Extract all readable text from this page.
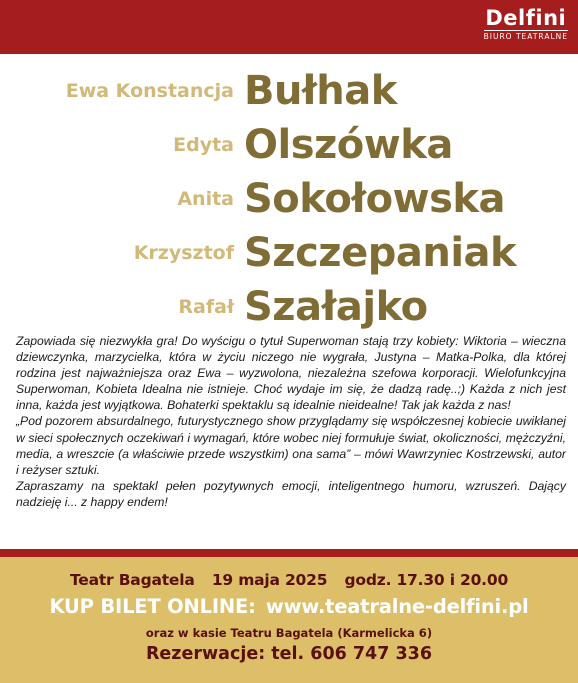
Delfini
BIURO TEATRALNE
Ewa Konstancja Bułhak
Edyta Olszówka
Anita Sokołowska
Krzysztof Szczepaniak
Rafał Szałajko

Zapowiada się niezwykła gra! Do wyścigu o tytuł Superwoman stają trzy kobiety: Wiktoria – wieczna dziewczynka, marzycielka, która w życiu niczego nie wygrała, Justyna – Matka-Polka, dla której rodzina jest najważniejsza oraz Ewa – wyzwolona, niezależna szefowa korporacji. Wielofunkcyjna Superwoman, Kobieta Idealna nie istnieje. Choć wydaje im się, że dadzą radę..;) Każda z nich jest inna, każda jest wyjątkowa. Bohaterki spektaklu są idealnie nieidealne! Tak jak każda z nas!

„Pod pozorem absurdalnego, futurystycznego show przyglądamy się współczesnej kobiecie uwikłanej w sieci społecznych oczekiwań i wymagań, które wobec niej formułuje świat, okoliczności, mężczyźni, media, a wreszcie (a właściwie przede wszystkim) ona sama” – mówi Wawrzyniec Kostrzewski, autor i reżyser sztuki.

Zapraszamy na spektakl pełen pozytywnych emocji, inteligentnego humoru, wzruszeń. Dający nadzieję i... z happy endem!

Teatr Bagatela 19 maja 2025 godz. 17.30 i 20.00
KUP BILET ONLINE: www.teatralne-delfini.pl
oraz w kasie Teatru Bagatela (Karmelicka 6)
Rezerwacje: tel. 606 747 336
